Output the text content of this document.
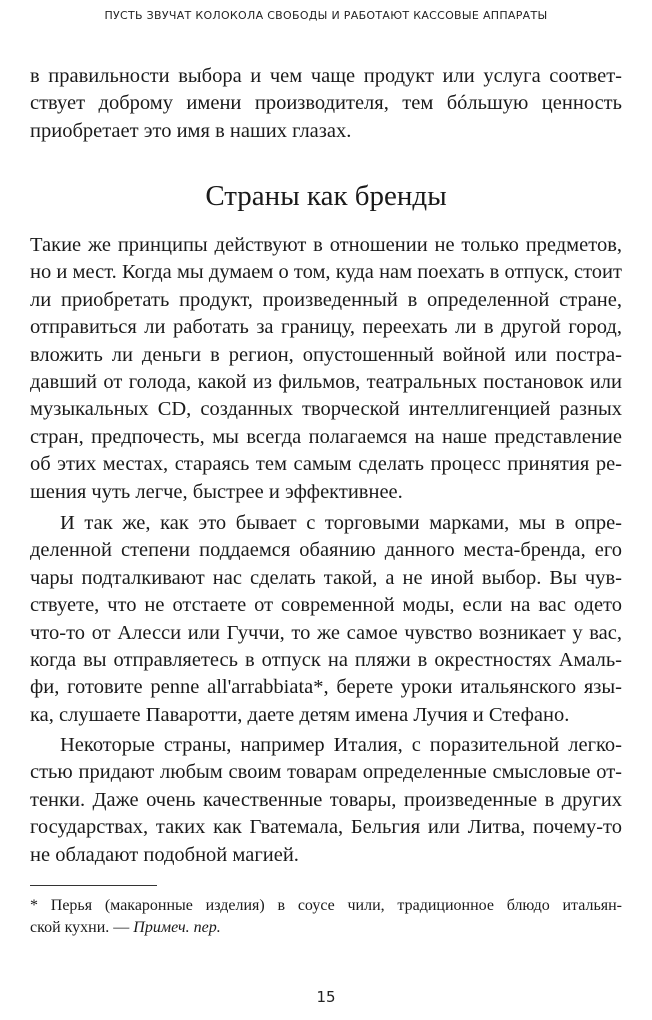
ПУСТЬ ЗВУЧАТ КОЛОКОЛА СВОБОДЫ И РАБОТАЮТ КАССОВЫЕ АППАРАТЫ
в правильности выбора и чем чаще продукт или услуга соответ-
ствует доброму имени производителя, тем бóльшую ценность
приобретает это имя в наших глазах.
Страны как бренды
Такие же принципы действуют в отношении не только предметов,
но и мест. Когда мы думаем о том, куда нам поехать в отпуск, стоит
ли приобретать продукт, произведенный в определенной стране,
отправиться ли работать за границу, переехать ли в другой город,
вложить ли деньги в регион, опустошенный войной или постра-
давший от голода, какой из фильмов, театральных постановок или
музыкальных CD, созданных творческой интеллигенцией разных
стран, предпочесть, мы всегда полагаемся на наше представление
об этих местах, стараясь тем самым сделать процесс принятия ре-
шения чуть легче, быстрее и эффективнее.
И так же, как это бывает с торговыми марками, мы в опре-
деленной степени поддаемся обаянию данного места-бренда, его
чары подталкивают нас сделать такой, а не иной выбор. Вы чув-
ствуете, что не отстаете от современной моды, если на вас одето
что-то от Алесси или Гуччи, то же самое чувство возникает у вас,
когда вы отправляетесь в отпуск на пляжи в окрестностях Амаль-
фи, готовите penne all'arrabbiata*, берете уроки итальянского язы-
ка, слушаете Паваротти, даете детям имена Лучия и Стефано.
Некоторые страны, например Италия, с поразительной легко-
стью придают любым своим товарам определенные смысловые от-
тенки. Даже очень качественные товары, произведенные в других
государствах, таких как Гватемала, Бельгия или Литва, почему-то
не обладают подобной магией.
* Перья (макаронные изделия) в соусе чили, традиционное блюдо итальян-
ской кухни. — Примеч. пер.
15
